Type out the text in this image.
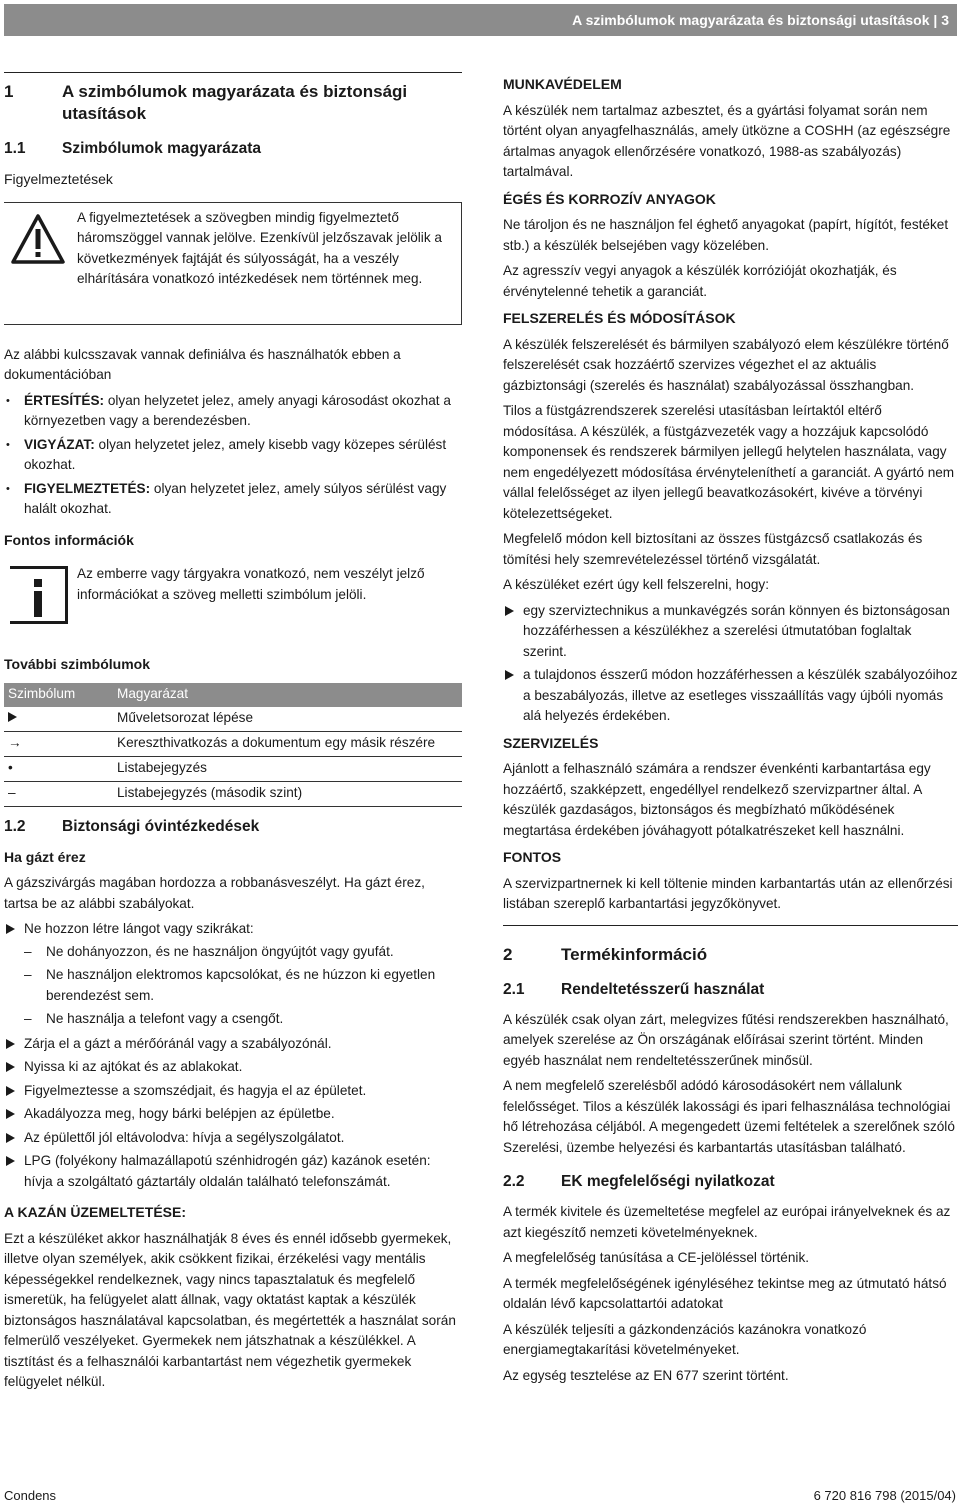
A szimbólumok magyarázata és biztonsági utasítások | 3
1	A szimbólumok magyarázata és biztonsági utasítások
1.1	Szimbólumok magyarázata
Figyelmeztetések

A figyelmeztetések a szövegben mindig figyelmeztető háromszöggel vannak jelölve. Ezenkívül jelzőszavak jelölik a következmények fajtáját és súlyosságát, ha a veszély elhárítására vonatkozó intézkedések nem történnek meg.

Az alábbi kulcsszavak vannak definiálva és használhatók ebben a dokumentációban

• ÉRTESÍTÉS: olyan helyzetet jelez, amely anyagi károsodást okozhat a környezetben vagy a berendezésben.
• VIGYÁZAT: olyan helyzetet jelez, amely kisebb vagy közepes sérülést okozhat.
• FIGYELMEZTETÉS: olyan helyzetet jelez, amely súlyos sérülést vagy halált okozhat.
Fontos információk

Az emberre vagy tárgyakra vonatkozó, nem veszélyt jelző információkat a szöveg melletti szimbólum jelöli.

További szimbólumok
Szimbólum	Magyarázat
	Műveletsorozat lépése
→	Kereszthivatkozás a dokumentum egy másik részére
•	Listabejegyzés
–	Listabejegyzés (második szint)
1.2	Biztonsági óvintézkedések
Ha gázt érez

A gázszivárgás magában hordozza a robbanásveszélyt. Ha gázt érez, tartsa be az alábbi szabályokat.

Ne hozzon létre lángot vagy szikrákat:
– Ne dohányozzon, és ne használjon öngyújtót vagy gyufát.
– Ne használjon elektromos kapcsolókat, és ne húzzon ki egyetlen berendezést sem.
– Ne használja a telefont vagy a csengőt.
Zárja el a gázt a mérőóránál vagy a szabályozónál.
Nyissa ki az ajtókat és az ablakokat.
Figyelmeztesse a szomszédjait, és hagyja el az épületet.
Akadályozza meg, hogy bárki belépjen az épületbe.
Az épülettől jól eltávolodva: hívja a segélyszolgálatot.
LPG (folyékony halmazállapotú szénhidrogén gáz) kazánok esetén: hívja a szolgáltató gáztartály oldalán található telefonszámát.
A KAZÁN ÜZEMELTETÉSE:

Ezt a készüléket akkor használhatják 8 éves és ennél idősebb gyermekek, illetve olyan személyek, akik csökkent fizikai, érzékelési vagy mentális képességekkel rendelkeznek, vagy nincs tapasztalatuk és megfelelő ismeretük, ha felügyelet alatt állnak, vagy oktatást kaptak a készülék biztonságos használatával kapcsolatban, és megértették a használat során felmerülő veszélyeket. Gyermekek nem játszhatnak a készülékkel. A tisztítást és a felhasználói karbantartást nem végezhetik gyermekek felügyelet nélkül.

MUNKAVÉDELEM

A készülék nem tartalmaz azbesztet, és a gyártási folyamat során nem történt olyan anyagfelhasználás, amely ütközne a COSHH (az egészségre ártalmas anyagok ellenőrzésére vonatkozó, 1988-as szabályozás) tartalmával.

ÉGÉS ÉS KORROZÍV ANYAGOK

Ne tároljon és ne használjon fel éghető anyagokat (papírt, hígítót, festéket stb.) a készülék belsejében vagy közelében.

Az agresszív vegyi anyagok a készülék korrózióját okozhatják, és érvénytelenné tehetik a garanciát.

FELSZERELÉS ÉS MÓDOSÍTÁSOK

A készülék felszerelését és bármilyen szabályozó elem készülékre történő felszerelését csak hozzáértő szervizes végezhet el az aktuális gázbiztonsági (szerelés és használat) szabályozással összhangban.

Tilos a füstgázrendszerek szerelési utasításban leírtaktól eltérő módosítása. A készülék, a füstgázvezeték vagy a hozzájuk kapcsolódó komponensek és rendszerek bármilyen jellegű helytelen használata, vagy nem engedélyezett módosítása érvényteleníthetí a garanciát. A gyártó nem vállal felelősséget az ilyen jellegű beavatkozásokért, kivéve a törvényi kötelezettségeket.

Megfelelő módon kell biztosítani az összes füstgázcső csatlakozás és tömítési hely szemrevételezéssel történő vizsgálatát.

A készüléket ezért úgy kell felszerelni, hogy:

egy szerviztechnikus a munkavégzés során könnyen és biztonságosan hozzáférhessen a készülékhez a szerelési útmutatóban foglaltak szerint.
a tulajdonos ésszerű módon hozzáférhessen a készülék szabályozóihoz a beszabályozás, illetve az esetleges visszaállítás vagy újbóli nyomás alá helyezés érdekében.
SZERVIZELÉS

Ajánlott a felhasználó számára a rendszer évenkénti karbantartása egy hozzáértő, szakképzett, engedéllyel rendelkező szervizpartner által. A készülék gazdaságos, biztonságos és megbízható működésének megtartása érdekében jóváhagyott pótalkatrészeket kell használni.

FONTOS

A szervizpartnernek ki kell töltenie minden karbantartás után az ellenőrzési listában szereplő karbantartási jegyzőkönyvet.

2	Termékinformáció
2.1	Rendeltetésszerű használat

A készülék csak olyan zárt, melegvizes fűtési rendszerekben használható, amelyek szerelése az Ön országának előírásai szerint történt. Minden egyéb használat nem rendeltetésszerűnek minősül.

A nem megfelelő szerelésből adódó károsodásokért nem vállalunk felelősséget. Tilos a készülék lakossági és ipari felhasználása technológiai hő létrehozása céljából. A megengedett üzemi feltételek a szerelőnek szóló Szerelési, üzembe helyezési és karbantartás utasításban található.

2.2	EK megfelelőségi nyilatkozat

A termék kivitele és üzemeltetése megfelel az európai irányelveknek és az azt kiegészítő nemzeti követelményeknek.

A megfelelőség tanúsítása a CE-jelöléssel történik.

A termék megfelelőségének igényléséhez tekintse meg az útmutató hátsó oldalán lévő kapcsolattartói adatokat

A készülék teljesíti a gázkondenzációs kazánokra vonatkozó energiamegtakarítási követelményeket.

Az egység tesztelése az EN 677 szerint történt.

Condens	6 720 816 798 (2015/04)
